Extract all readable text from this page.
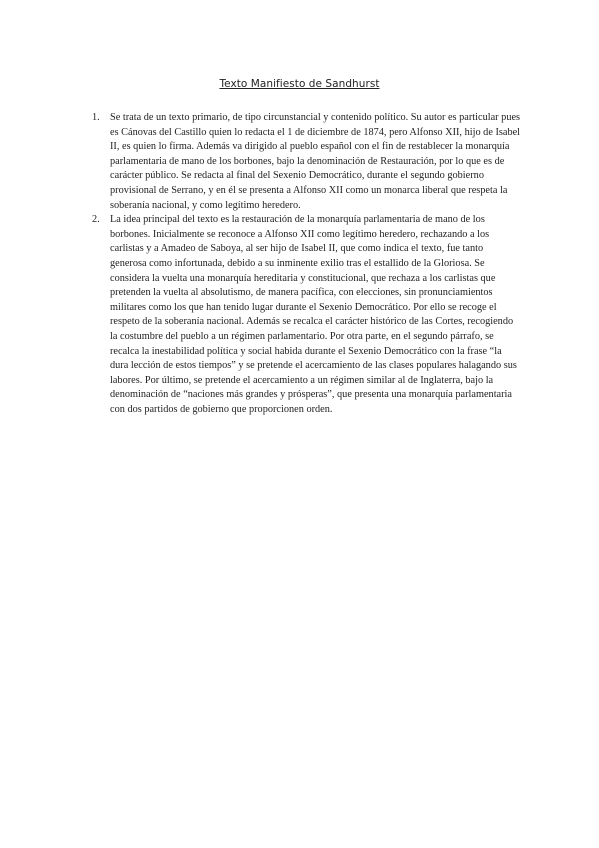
Texto Manifiesto de Sandhurst
1. Se trata de un texto primario, de tipo circunstancial y contenido político. Su autor es particular pues es Cánovas del Castillo quien lo redacta el 1 de diciembre de 1874, pero Alfonso XII, hijo de Isabel II, es quien lo firma. Además va dirigido al pueblo español con el fin de restablecer la monarquía parlamentaria de mano de los borbones, bajo la denominación de Restauración, por lo que es de carácter público. Se redacta al final del Sexenio Democrático, durante el segundo gobierno provisional de Serrano, y en él se presenta a Alfonso XII como un monarca liberal que respeta la soberanía nacional, y como legítimo heredero.
2. La idea principal del texto es la restauración de la monarquía parlamentaria de mano de los borbones. Inicialmente se reconoce a Alfonso XII como legítimo heredero, rechazando a los carlistas y a Amadeo de Saboya, al ser hijo de Isabel II, que como indica el texto, fue tanto generosa como infortunada, debido a su inminente exilio tras el estallido de la Gloriosa. Se considera la vuelta una monarquía hereditaria y constitucional, que rechaza a los carlistas que pretenden la vuelta al absolutismo, de manera pacífica, con elecciones, sin pronunciamientos militares como los que han tenido lugar durante el Sexenio Democrático. Por ello se recoge el respeto de la soberanía nacional. Además se recalca el carácter histórico de las Cortes, recogiendo la costumbre del pueblo a un régimen parlamentario. Por otra parte, en el segundo párrafo, se recalca la inestabilidad política y social habida durante el Sexenio Democrático con la frase “la dura lección de estos tiempos” y se pretende el acercamiento de las clases populares halagando sus labores. Por último, se pretende el acercamiento a un régimen similar al de Inglaterra, bajo la denominación de “naciones más grandes y prósperas”, que presenta una monarquía parlamentaria con dos partidos de gobierno que proporcionen orden.
